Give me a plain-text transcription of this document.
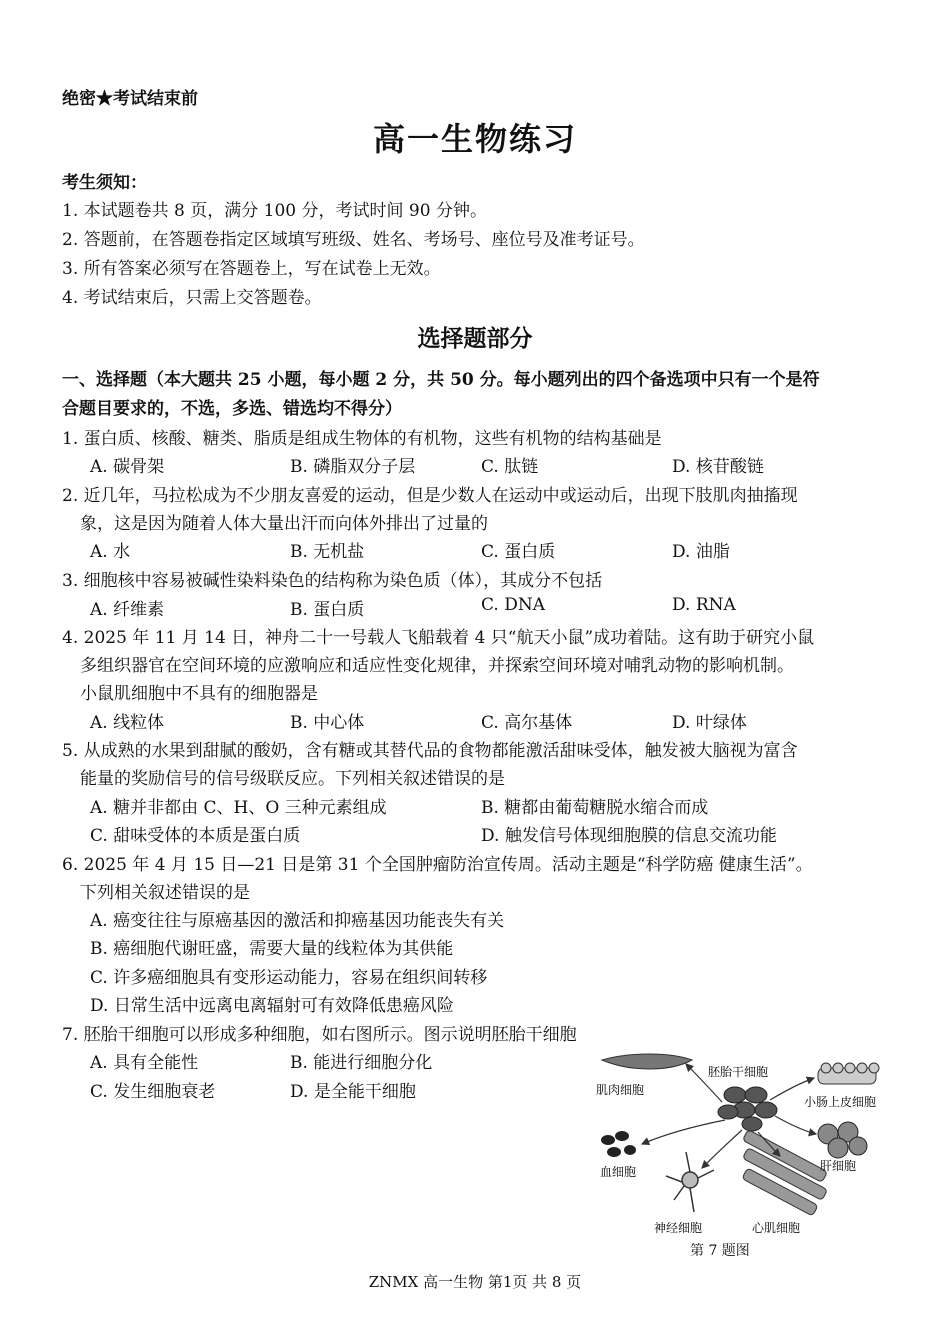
绝密★考试结束前
高一生物练习
考生须知：
1. 本试题卷共 8 页，满分 100 分，考试时间 90 分钟。
2. 答题前，在答题卷指定区域填写班级、姓名、考场号、座位号及准考证号。
3. 所有答案必须写在答题卷上，写在试卷上无效。
4. 考试结束后，只需上交答题卷。
选择题部分
一、选择题（本大题共 25 小题，每小题 2 分，共 50 分。每小题列出的四个备选项中只有一个是符
合题目要求的，不选，多选、错选均不得分）
1. 蛋白质、核酸、糖类、脂质是组成生物体的有机物，这些有机物的结构基础是
A. 碳骨架	B. 磷脂双分子层	C. 肽链	D. 核苷酸链
2. 近几年，马拉松成为不少朋友喜爱的运动，但是少数人在运动中或运动后，出现下肢肌肉抽搐现
象，这是因为随着人体大量出汗而向体外排出了过量的
A. 水	B. 无机盐	C. 蛋白质	D. 油脂
3. 细胞核中容易被碱性染料染色的结构称为染色质（体），其成分不包括
A. 纤维素	B. 蛋白质	C. DNA	D. RNA
4. 2025 年 11 月 14 日，神舟二十一号载人飞船载着 4 只“航天小鼠”成功着陆。这有助于研究小鼠
多组织器官在空间环境的应激响应和适应性变化规律，并探索空间环境对哺乳动物的影响机制。
小鼠肌细胞中不具有的细胞器是
A. 线粒体	B. 中心体	C. 高尔基体	D. 叶绿体
5. 从成熟的水果到甜腻的酸奶，含有糖或其替代品的食物都能激活甜味受体，触发被大脑视为富含
能量的奖励信号的信号级联反应。下列相关叙述错误的是
A. 糖并非都由 C、H、O 三种元素组成	B. 糖都由葡萄糖脱水缩合而成
C. 甜味受体的本质是蛋白质	D. 触发信号体现细胞膜的信息交流功能
6. 2025 年 4 月 15 日—21 日是第 31 个全国肿瘤防治宣传周。活动主题是“科学防癌 健康生活”。
下列相关叙述错误的是
A. 癌变往往与原癌基因的激活和抑癌基因功能丧失有关
B. 癌细胞代谢旺盛，需要大量的线粒体为其供能
C. 许多癌细胞具有变形运动能力，容易在组织间转移
D. 日常生活中远离电离辐射可有效降低患癌风险
7. 胚胎干细胞可以形成多种细胞，如右图所示。图示说明胚胎干细胞
A. 具有全能性	B. 能进行细胞分化
C. 发生细胞衰老	D. 是全能干细胞
胚胎干细胞
肌肉细胞
小肠上皮细胞
肝细胞
血细胞
神经细胞	心肌细胞
第 7 题图
ZNMX 高一生物 第1页 共 8 页
